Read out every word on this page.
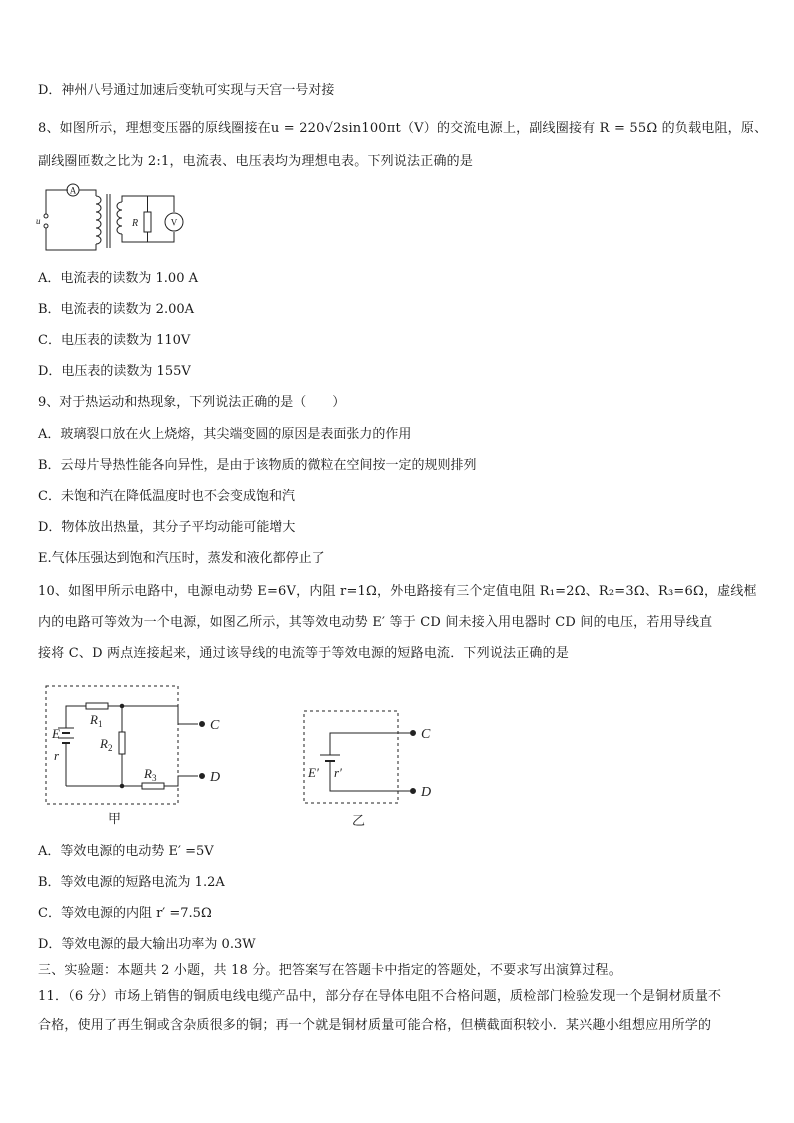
D．神州八号通过加速后变轨可实现与天宫一号对接
8、如图所示，理想变压器的原线圈接在u = 220√2sin100πt（V）的交流电源上，副线圈接有 R = 55Ω 的负载电阻，原、
副线圈匝数之比为 2:1，电流表、电压表均为理想电表。下列说法正确的是
A
u	R	V
A．电流表的读数为 1.00 A
B．电流表的读数为 2.00A
C．电压表的读数为 110V
D．电压表的读数为 155V
9、对于热运动和热现象，下列说法正确的是（　　）
A．玻璃裂口放在火上烧熔，其尖端变圆的原因是表面张力的作用
B．云母片导热性能各向异性，是由于该物质的微粒在空间按一定的规则排列
C．未饱和汽在降低温度时也不会变成饱和汽
D．物体放出热量，其分子平均动能可能增大
E.气体压强达到饱和汽压时，蒸发和液化都停止了
10、如图甲所示电路中，电源电动势 E=6V，内阻 r=1Ω，外电路接有三个定值电阻 R₁=2Ω、R₂=3Ω、R₃=6Ω，虚线框
内的电路可等效为一个电源，如图乙所示，其等效电动势 E′ 等于 CD 间未接入用电器时 CD 间的电压，若用导线直
接将 C、D 两点连接起来，通过该导线的电流等于等效电源的短路电流．下列说法正确的是
E
r
$R_1$
$R_2$
$R_3$
C
D
甲
E′ r′
C
D
乙
A．等效电源的电动势 E′ =5V
B．等效电源的短路电流为 1.2A
C．等效电源的内阻 r′ =7.5Ω
D．等效电源的最大输出功率为 0.3W
三、实验题：本题共 2 小题，共 18 分。把答案写在答题卡中指定的答题处，不要求写出演算过程。
11．（6 分）市场上销售的铜质电线电缆产品中，部分存在导体电阻不合格问题，质检部门检验发现一个是铜材质量不
合格，使用了再生铜或含杂质很多的铜；再一个就是铜材质量可能合格，但横截面积较小．某兴趣小组想应用所学的
